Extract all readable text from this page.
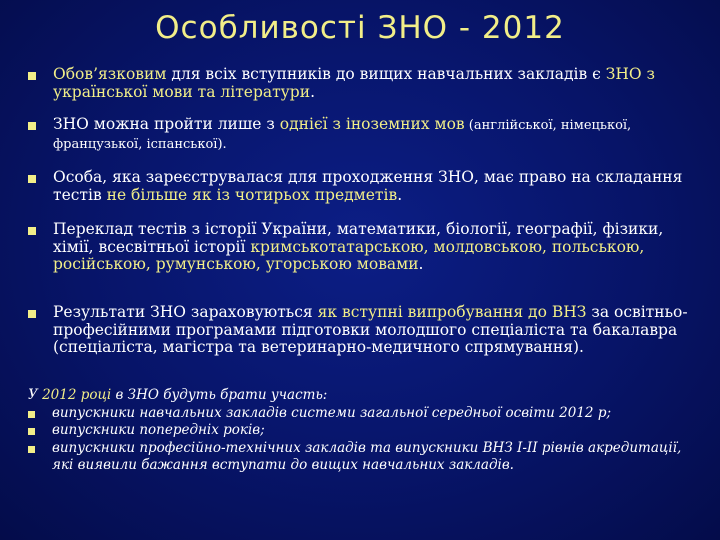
Особливості ЗНО - 2012
Обов’язковим для всіх вступників до вищих навчальних закладів є ЗНО з української мови та літератури.
ЗНО можна пройти лише з однієї з іноземних мов (англійської, німецької, французької, іспанської).
Особа, яка зареєструвалася для проходження ЗНО, має право на складання тестів не більше як із чотирьох предметів.
Переклад тестів з історії України, математики, біології, географії, фізики, хімії, всесвітньої історії кримськотатарською, молдовською, польською, російською, румунською, угорською мовами.
Результати ЗНО зараховуються як вступні випробування до ВНЗ за освітньо-професійними програмами підготовки молодшого спеціаліста та бакалавра (спеціаліста, магістра та ветеринарно-медичного спрямування).
У 2012 році в ЗНО будуть брати участь:
випускники навчальних закладів системи загальної середньої освіти 2012 р;
випускники попередніх років;
випускники професійно-технічних закладів та випускники ВНЗ І-ІІ рівнів акредитації, які виявили бажання вступати до вищих навчальних закладів.
